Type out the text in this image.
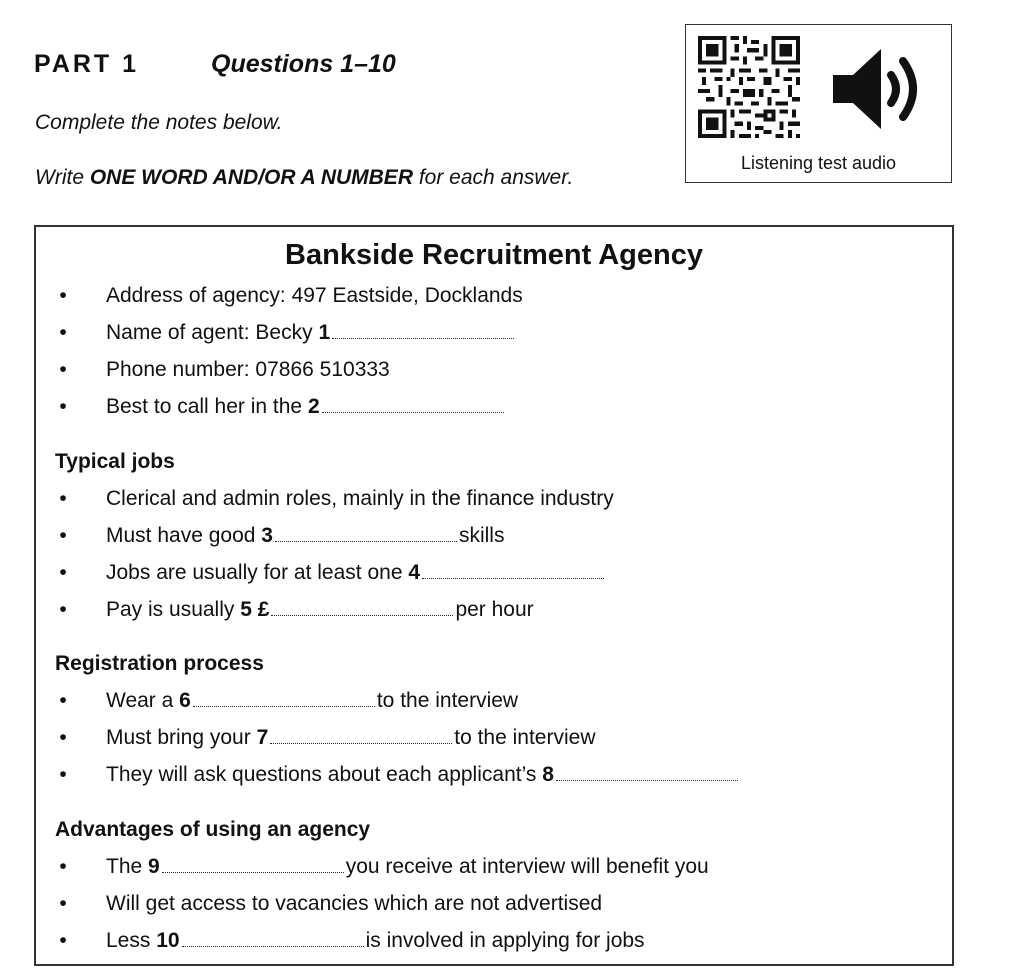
PART 1	Questions 1–10
Complete the notes below.
Write ONE WORD AND/OR A NUMBER for each answer.
Listening test audio
Bankside Recruitment Agency
• Address of agency: 497 Eastside, Docklands
• Name of agent: Becky 1
• Phone number: 07866 510333
• Best to call her in the 2
Typical jobs
• Clerical and admin roles, mainly in the finance industry
• Must have good 3	skills
• Jobs are usually for at least one 4
• Pay is usually 5 £	per hour
Registration process
• Wear a 6	to the interview
• Must bring your 7	to the interview
• They will ask questions about each applicant’s 8
Advantages of using an agency
• The 9	you receive at interview will benefit you
• Will get access to vacancies which are not advertised
• Less 10	is involved in applying for jobs
